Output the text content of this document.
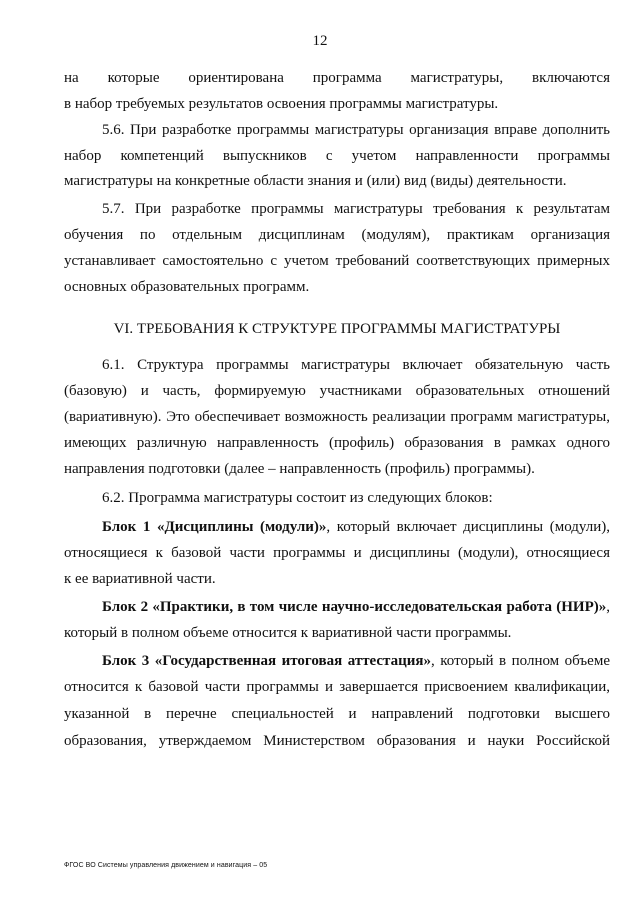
12
на которые ориентирована программа магистратуры, включаются
в набор требуемых результатов освоения программы магистратуры.
5.6. При разработке программы магистратуры организация вправе дополнить
набор компетенций выпускников с учетом направленности программы
магистратуры на конкретные области знания и (или) вид (виды) деятельности.
5.7. При разработке программы магистратуры требования к результатам
обучения по отдельным дисциплинам (модулям), практикам организация
устанавливает самостоятельно с учетом требований соответствующих примерных
основных образовательных программ.
VI. ТРЕБОВАНИЯ К СТРУКТУРЕ ПРОГРАММЫ МАГИСТРАТУРЫ
6.1. Структура программы магистратуры включает обязательную часть
(базовую) и часть, формируемую участниками образовательных отношений
(вариативную). Это обеспечивает возможность реализации программ магистратуры,
имеющих различную направленность (профиль) образования в рамках одного
направления подготовки (далее – направленность (профиль) программы).
6.2. Программа магистратуры состоит из следующих блоков:
Блок 1 «Дисциплины (модули)», который включает дисциплины (модули),
относящиеся к базовой части программы и дисциплины (модули), относящиеся
к ее вариативной части.
Блок 2 «Практики, в том числе научно-исследовательская работа (НИР)»,
который в полном объеме относится к вариативной части программы.
Блок 3 «Государственная итоговая аттестация», который в полном объеме
относится к базовой части программы и завершается присвоением квалификации,
указанной в перечне специальностей и направлений подготовки высшего
образования, утверждаемом Министерством образования и науки Российской
ФГОС ВО Системы управления движением и навигация – 05
